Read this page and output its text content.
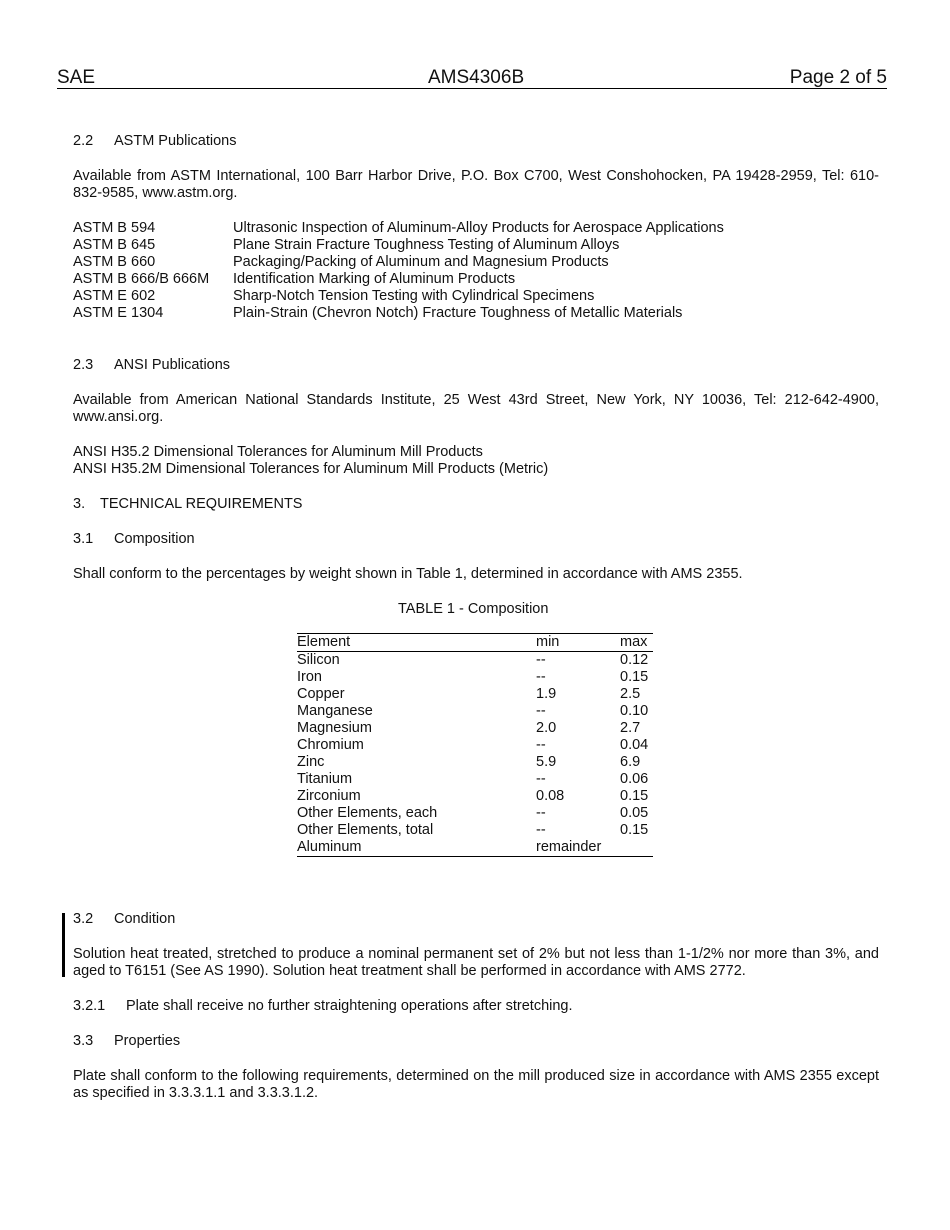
SAE	AMS4306B	Page 2 of 5
2.2 ASTM Publications
Available from ASTM International, 100 Barr Harbor Drive, P.O. Box C700, West Conshohocken, PA 19428-2959, Tel: 610-832-9585, www.astm.org.
ASTM B 594	Ultrasonic Inspection of Aluminum-Alloy Products for Aerospace Applications
ASTM B 645	Plane Strain Fracture Toughness Testing of Aluminum Alloys
ASTM B 660	Packaging/Packing of Aluminum and Magnesium Products
ASTM B 666/B 666M Identification Marking of Aluminum Products
ASTM E 602	Sharp-Notch Tension Testing with Cylindrical Specimens
ASTM E 1304	Plain-Strain (Chevron Notch) Fracture Toughness of Metallic Materials
2.3 ANSI Publications
Available from American National Standards Institute, 25 West 43rd Street, New York, NY 10036, Tel: 212-642-4900, www.ansi.org.
ANSI H35.2 Dimensional Tolerances for Aluminum Mill Products
ANSI H35.2M Dimensional Tolerances for Aluminum Mill Products (Metric)
3. TECHNICAL REQUIREMENTS
3.1 Composition
Shall conform to the percentages by weight shown in Table 1, determined in accordance with AMS 2355.
TABLE 1 - Composition
Element	min	max
Silicon	--	0.12
Iron	--	0.15
Copper	1.9	2.5
Manganese	--	0.10
Magnesium	2.0	2.7
Chromium	--	0.04
Zinc	5.9	6.9
Titanium	--	0.06
Zirconium	0.08	0.15
Other Elements, each	--	0.05
Other Elements, total	--	0.15
Aluminum	remainder	
3.2 Condition
Solution heat treated, stretched to produce a nominal permanent set of 2% but not less than 1-1/2% nor more than 3%, and aged to T6151 (See AS 1990). Solution heat treatment shall be performed in accordance with AMS 2772.
3.2.1 Plate shall receive no further straightening operations after stretching.
3.3 Properties
Plate shall conform to the following requirements, determined on the mill produced size in accordance with AMS 2355 except as specified in 3.3.3.1.1 and 3.3.3.1.2.
